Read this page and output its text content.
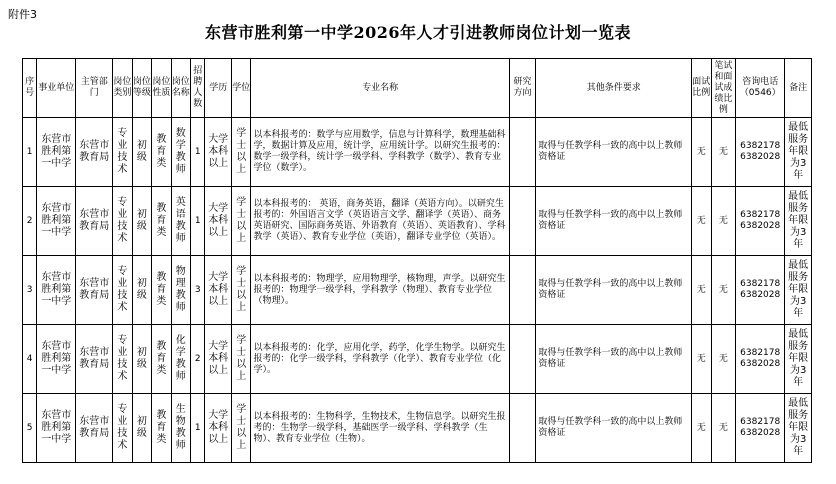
附件3
东营市胜利第一中学2026年人才引进教师岗位计划一览表
序号	事业单位	主管部门	岗位类别	岗位等级	岗位性质	岗位名称	招聘人数	学历	学位	专业名称	研究方向	其他条件要求	面试比例	笔试和面试成绩比例	咨询电话（0546）	备注
1	东营市胜利第一中学	东营市教育局	专业技术	初级	教育类	数学教师	1	大学本科以上	学士以上	以本科报考的：数学与应用数学，信息与计算科学，数理基础科学，数据计算及应用，统计学，应用统计学。以研究生报考的：数学一级学科，统计学一级学科、学科教学（数学）、教育专业学位（数学）。		取得与任教学科一致的高中以上教师资格证	无	无	6382178 6382028	最低服务年限为3年
2	东营市胜利第一中学	东营市教育局	专业技术	初级	教育类	英语教师	1	大学本科以上	学士以上	以本科报考的： 英语，商务英语，翻译（英语方向）。以研究生报考的：外国语言文学（英语语言文学、翻译学（英语）、商务英语研究、国际商务英语、外语教育（英语）、英语教育）、学科教学（英语）、教育专业学位（英语），翻译专业学位（英语）。		取得与任教学科一致的高中以上教师资格证	无	无	6382178 6382028	最低服务年限为3年
3	东营市胜利第一中学	东营市教育局	专业技术	初级	教育类	物理教师	3	大学本科以上	学士以上	以本科报考的：物理学，应用物理学，核物理，声学。以研究生报考的：物理学一级学科，学科教学（物理）、教育专业学位（物理）。		取得与任教学科一致的高中以上教师资格证	无	无	6382178 6382028	最低服务年限为3年
4	东营市胜利第一中学	东营市教育局	专业技术	初级	教育类	化学教师	2	大学本科以上	学士以上	以本科报考的：化学，应用化学，药学，化学生物学。以研究生报考的：化学一级学科，学科教学（化学）、教育专业学位（化学）。		取得与任教学科一致的高中以上教师资格证	无	无	6382178 6382028	最低服务年限为3年
5	东营市胜利第一中学	东营市教育局	专业技术	初级	教育类	生物教师	1	大学本科以上	学士以上	以本科报考的：生物科学，生物技术，生物信息学。以研究生报考的：生物学一级学科，基础医学一级学科、学科教学（生物）、教育专业学位（生物）。		取得与任教学科一致的高中以上教师资格证	无	无	6382178 6382028	最低服务年限为3年
